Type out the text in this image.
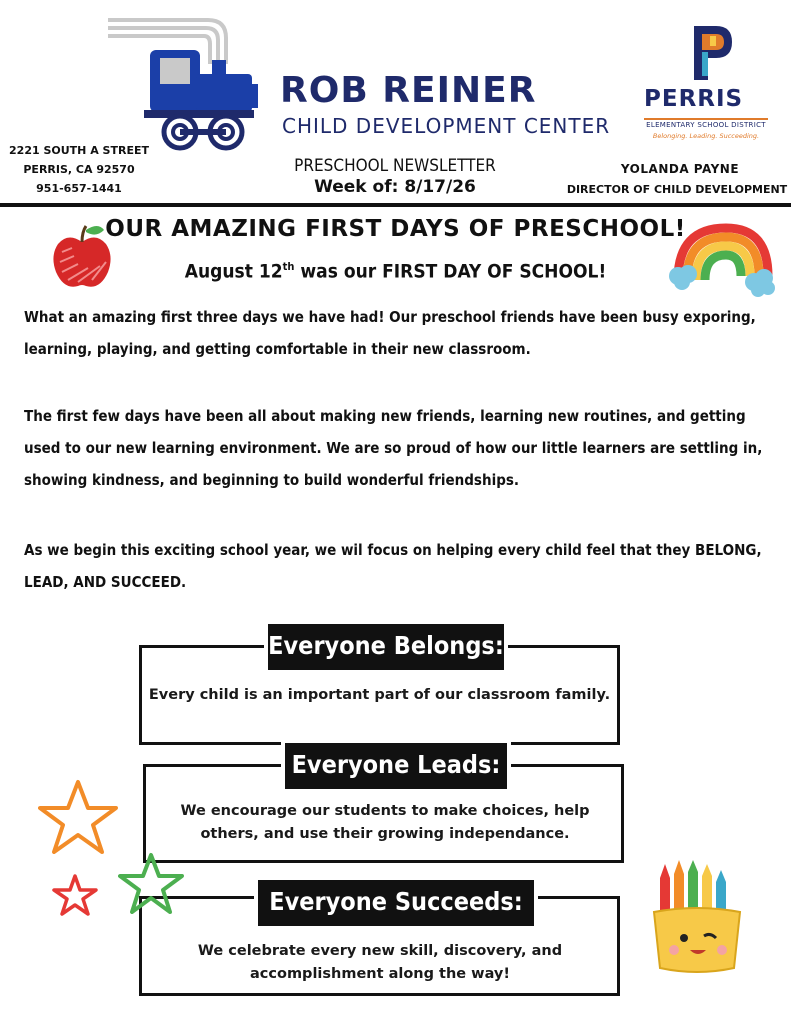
ROB REINER
CHILD DEVELOPMENT CENTER
2221 SOUTH A STREET
PERRIS, CA 92570
951-657-1441
PRESCHOOL NEWSLETTER
Week of: 8/17/26
PERRIS
ELEMENTARY SCHOOL DISTRICT
Belonging. Leading. Succeeding.
YOLANDA PAYNE
DIRECTOR OF CHILD DEVELOPMENT
OUR AMAZING FIRST DAYS OF PRESCHOOL!
August 12th was our FIRST DAY OF SCHOOL!
What an amazing first three days we have had! Our preschool friends have been busy exporing, learning, playing, and getting comfortable in their new classroom.
The first few days have been all about making new friends, learning new routines, and getting used to our new learning environment. We are so proud of how our little learners are settling in, showing kindness, and beginning to build wonderful friendships.
As we begin this exciting school year, we wil focus on helping every child feel that they BELONG, LEAD, AND SUCCEED.
Everyone Belongs:
Every child is an important part of our classroom family.
Everyone Leads:
We encourage our students to make choices, help others, and use their growing independance.
Everyone Succeeds:
We celebrate every new skill, discovery, and accomplishment along the way!
